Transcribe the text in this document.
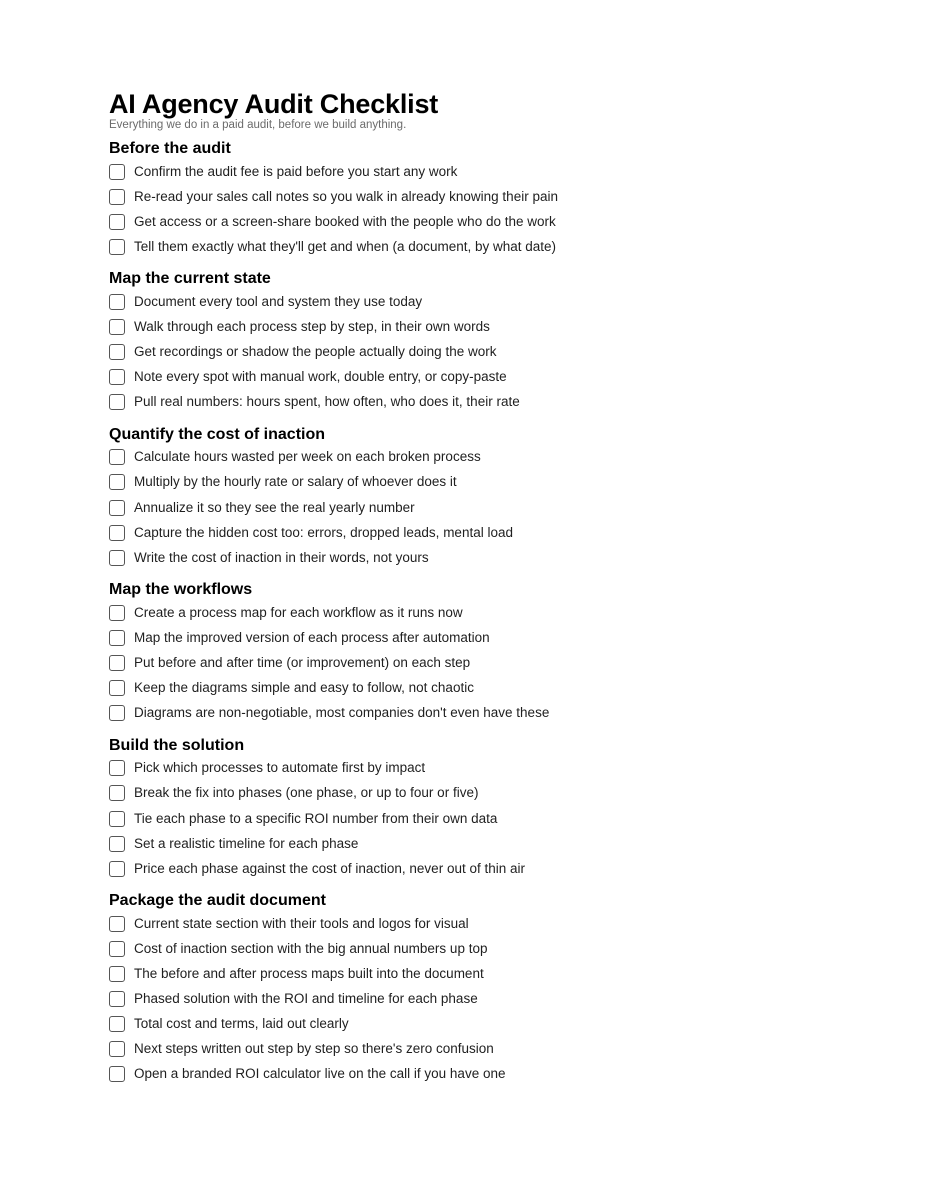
AI Agency Audit Checklist

Everything we do in a paid audit, before we build anything.

Before the audit
Confirm the audit fee is paid before you start any work
Re-read your sales call notes so you walk in already knowing their pain
Get access or a screen-share booked with the people who do the work
Tell them exactly what they'll get and when (a document, by what date)
Map the current state
Document every tool and system they use today
Walk through each process step by step, in their own words
Get recordings or shadow the people actually doing the work
Note every spot with manual work, double entry, or copy-paste
Pull real numbers: hours spent, how often, who does it, their rate
Quantify the cost of inaction
Calculate hours wasted per week on each broken process
Multiply by the hourly rate or salary of whoever does it
Annualize it so they see the real yearly number
Capture the hidden cost too: errors, dropped leads, mental load
Write the cost of inaction in their words, not yours
Map the workflows
Create a process map for each workflow as it runs now
Map the improved version of each process after automation
Put before and after time (or improvement) on each step
Keep the diagrams simple and easy to follow, not chaotic
Diagrams are non-negotiable, most companies don't even have these
Build the solution
Pick which processes to automate first by impact
Break the fix into phases (one phase, or up to four or five)
Tie each phase to a specific ROI number from their own data
Set a realistic timeline for each phase
Price each phase against the cost of inaction, never out of thin air
Package the audit document
Current state section with their tools and logos for visual
Cost of inaction section with the big annual numbers up top
The before and after process maps built into the document
Phased solution with the ROI and timeline for each phase
Total cost and terms, laid out clearly
Next steps written out step by step so there's zero confusion
Open a branded ROI calculator live on the call if you have one
